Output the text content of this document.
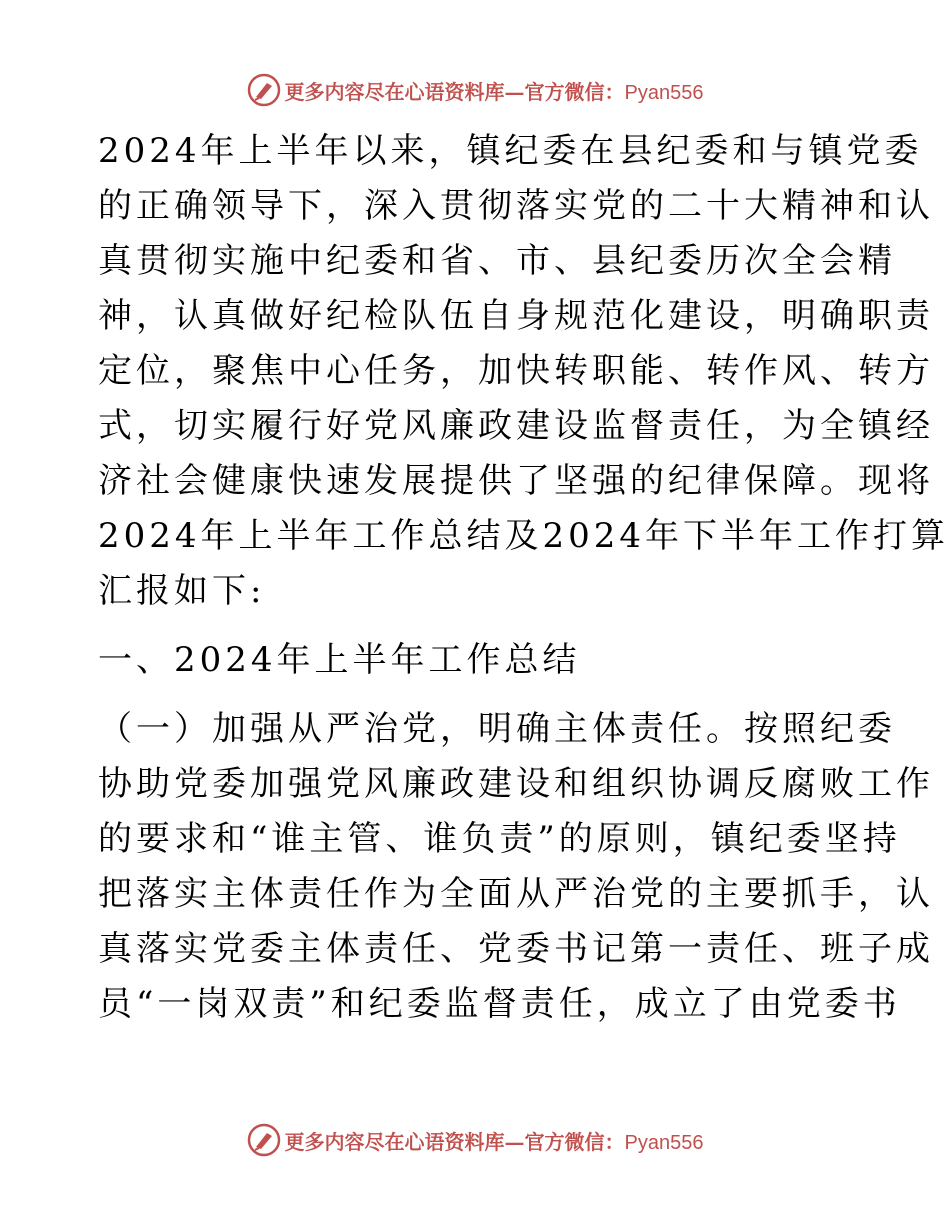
更多内容尽在心语资料库—官方微信：Pyan556
2024年上半年以来，镇纪委在县纪委和与镇党委
的正确领导下，深入贯彻落实党的二十大精神和认
真贯彻实施中纪委和省、市、县纪委历次全会精
神，认真做好纪检队伍自身规范化建设，明确职责
定位，聚焦中心任务，加快转职能、转作风、转方
式，切实履行好党风廉政建设监督责任，为全镇经
济社会健康快速发展提供了坚强的纪律保障。现将
2024年上半年工作总结及2024年下半年工作打算
汇报如下:
一、2024年上半年工作总结
（一）加强从严治党，明确主体责任。按照纪委
协助党委加强党风廉政建设和组织协调反腐败工作
的要求和“谁主管、谁负责”的原则，镇纪委坚持
把落实主体责任作为全面从严治党的主要抓手，认
真落实党委主体责任、党委书记第一责任、班子成
员“一岗双责”和纪委监督责任，成立了由党委书
更多内容尽在心语资料库—官方微信：Pyan556
